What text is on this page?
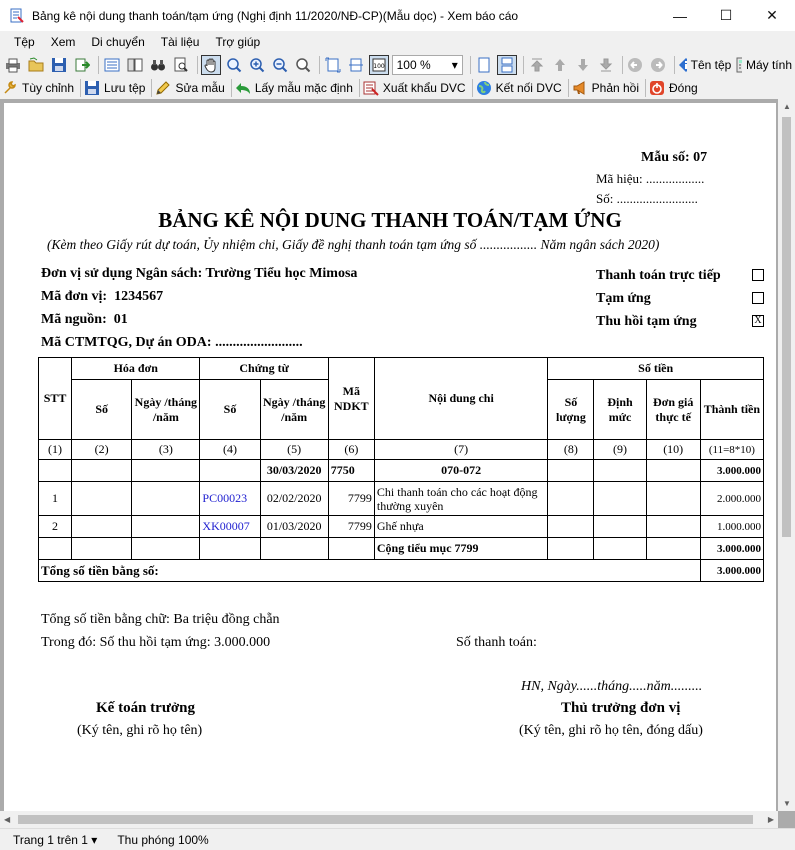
Bảng kê nội dung thanh toán/tạm ứng (Nghị định 11/2020/NĐ-CP)(Mẫu dọc) - Xem báo cáo	—	☐	✕
Tệp	Xem	Di chuyển	Tài liệu	Trợ giúp
100 100 % ▾	Tên tệp Máy tính
Tùy chỉnh	Lưu tệp	Sửa mẫu	Lấy mẫu mặc định	Xuất khẩu DVC	Kết nối DVC	Phản hồi	Đóng
Mẫu số: 07
Mã hiệu: ..................
Số: .........................
BẢNG KÊ NỘI DUNG THANH TOÁN/TẠM ỨNG
(Kèm theo Giấy rút dự toán, Ủy nhiệm chi, Giấy đề nghị thanh toán tạm ứng số ................. Năm ngân sách 2020)
Đơn vị sử dụng Ngân sách: Trường Tiểu học Mimosa
Mã đơn vị: 1234567
Mã nguồn: 01
Mã CTMTQG, Dự án ODA: .........................
Thanh toán trực tiếp
Tạm ứng
Thu hồi tạm ứng	X
STT	Hóa đơn		Chứng từ		Mã NDKT	Nội dung chi	Số tiền			
	Số	Ngày /tháng /năm	Số	Ngày /tháng /năm			Số lượng	Định mức	Đơn giá thực tế	Thành tiền
(1)	(2)	(3)	(4)	(5)	(6)	(7)	(8)	(9)	(10)	(11=8*10)
				30/03/2020	7750	070-072				3.000.000
1			PC00023	02/02/2020	7799	Chi thanh toán cho các hoạt động thường xuyên				2.000.000
2			XK00007	01/03/2020	7799	Ghế nhựa				1.000.000
						Cộng tiểu mục 7799				3.000.000
Tổng số tiền bằng số:										3.000.000
Tổng số tiền bằng chữ: Ba triệu đồng chẵn
Trong đó: Số thu hồi tạm ứng: 3.000.000	Số thanh toán:
HN, Ngày......tháng.....năm.........
Kế toán trưởng
(Ký tên, ghi rõ họ tên)
Thủ trưởng đơn vị
(Ký tên, ghi rõ họ tên, đóng dấu)
▲
▼
◀	▶
Trang 1 trên 1 ▾ Thu phóng 100%
